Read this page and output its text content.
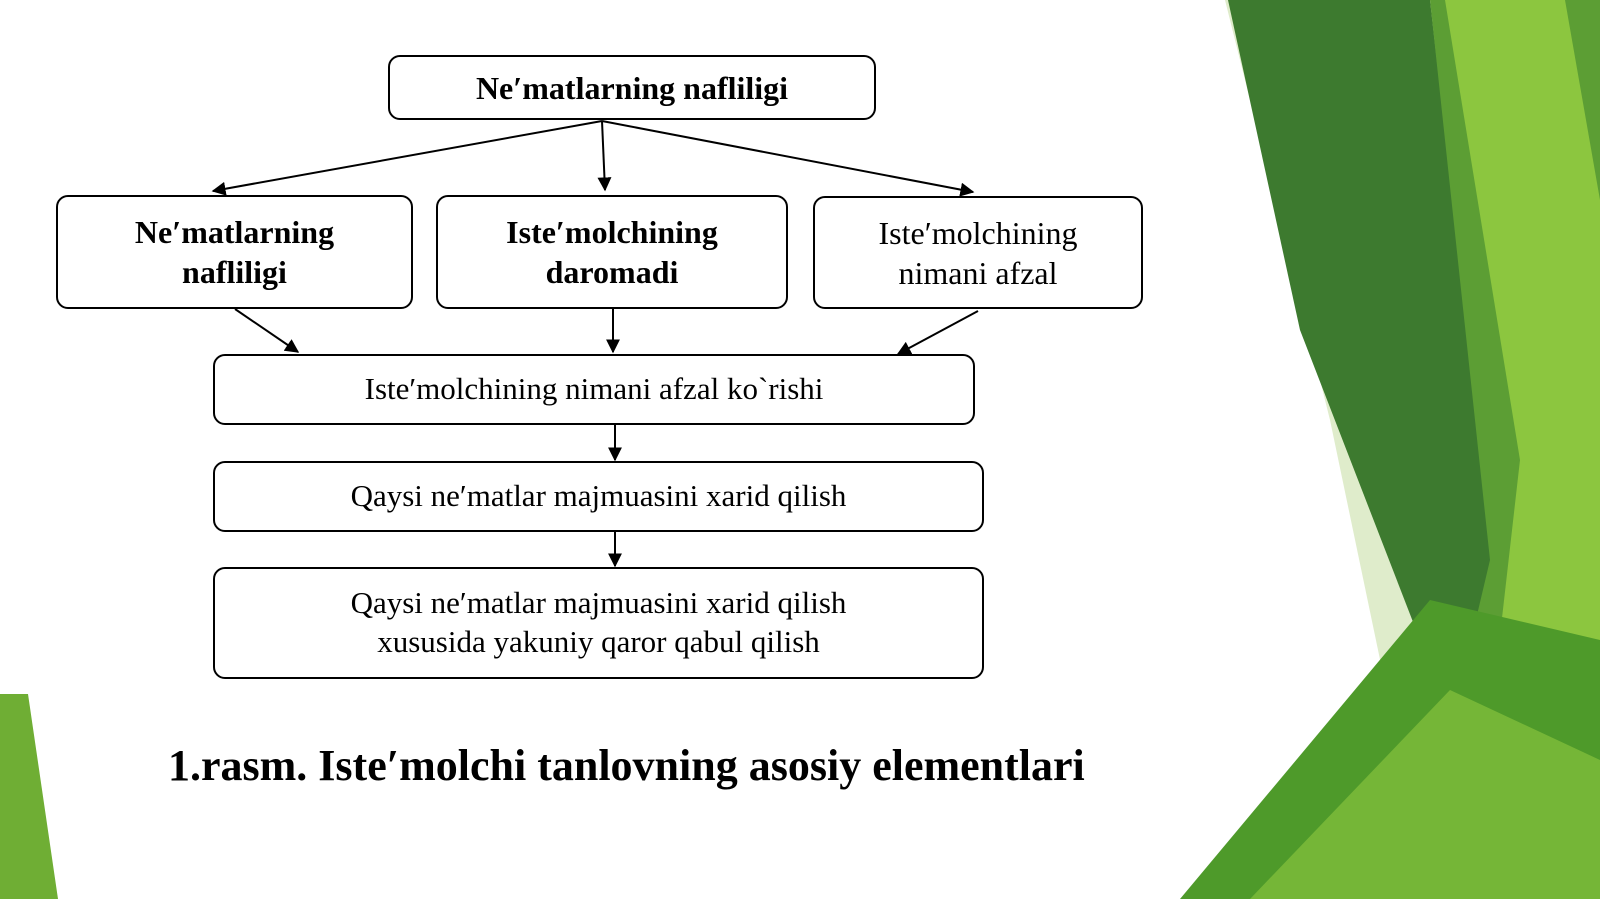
Ne′matlarning nafliligi
Ne′matlarning
nafliligi
Iste′molchining
daromadi
Iste′molchining
nimani afzal
Iste′molchining nimani afzal ko`rishi
Qaysi ne′matlar majmuasini xarid qilish
Qaysi ne′matlar majmuasini xarid qilish
xususida yakuniy qaror qabul qilish
1.rasm. Iste′molchi tanlovning asosiy elementlari
